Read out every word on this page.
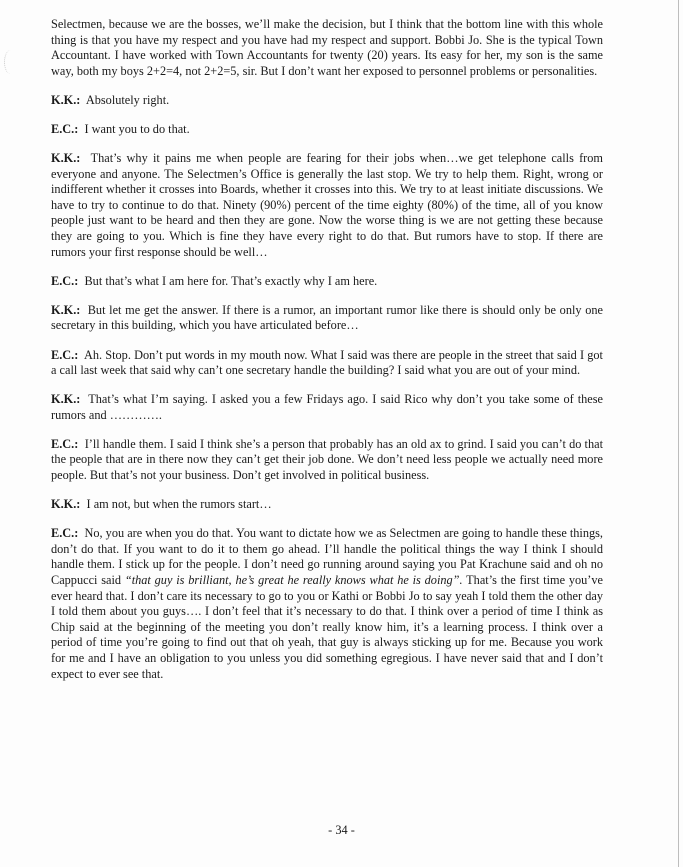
Selectmen, because we are the bosses, we’ll make the decision, but I think that the bottom line with this whole thing is that you have my respect and you have had my respect and support. Bobbi Jo. She is the typical Town Accountant. I have worked with Town Accountants for twenty (20) years. Its easy for her, my son is the same way, both my boys 2+2=4, not 2+2=5, sir. But I don’t want her exposed to personnel problems or personalities.

K.K.: Absolutely right.

E.C.: I want you to do that.

K.K.: That’s why it pains me when people are fearing for their jobs when…we get telephone calls from everyone and anyone. The Selectmen’s Office is generally the last stop. We try to help them. Right, wrong or indifferent whether it crosses into Boards, whether it crosses into this. We try to at least initiate discussions. We have to try to continue to do that. Ninety (90%) percent of the time eighty (80%) of the time, all of you know people just want to be heard and then they are gone. Now the worse thing is we are not getting these because they are going to you. Which is fine they have every right to do that. But rumors have to stop. If there are rumors your first response should be well…

E.C.: But that’s what I am here for. That’s exactly why I am here.

K.K.: But let me get the answer. If there is a rumor, an important rumor like there is should only be only one secretary in this building, which you have articulated before…

E.C.: Ah. Stop. Don’t put words in my mouth now. What I said was there are people in the street that said I got a call last week that said why can’t one secretary handle the building? I said what you are out of your mind.

K.K.: That’s what I’m saying. I asked you a few Fridays ago. I said Rico why don’t you take some of these rumors and ………….

E.C.: I’ll handle them. I said I think she’s a person that probably has an old ax to grind. I said you can’t do that the people that are in there now they can’t get their job done. We don’t need less people we actually need more people. But that’s not your business. Don’t get involved in political business.

K.K.: I am not, but when the rumors start…

E.C.: No, you are when you do that. You want to dictate how we as Selectmen are going to handle these things, don’t do that. If you want to do it to them go ahead. I’ll handle the political things the way I think I should handle them. I stick up for the people. I don’t need go running around saying you Pat Krachune said and oh no Cappucci said “that guy is brilliant, he’s great he really knows what he is doing”. That’s the first time you’ve ever heard that. I don’t care its necessary to go to you or Kathi or Bobbi Jo to say yeah I told them the other day I told them about you guys…. I don’t feel that it’s necessary to do that. I think over a period of time I think as Chip said at the beginning of the meeting you don’t really know him, it’s a learning process. I think over a period of time you’re going to find out that oh yeah, that guy is always sticking up for me. Because you work for me and I have an obligation to you unless you did something egregious. I have never said that and I don’t expect to ever see that.

- 34 -
